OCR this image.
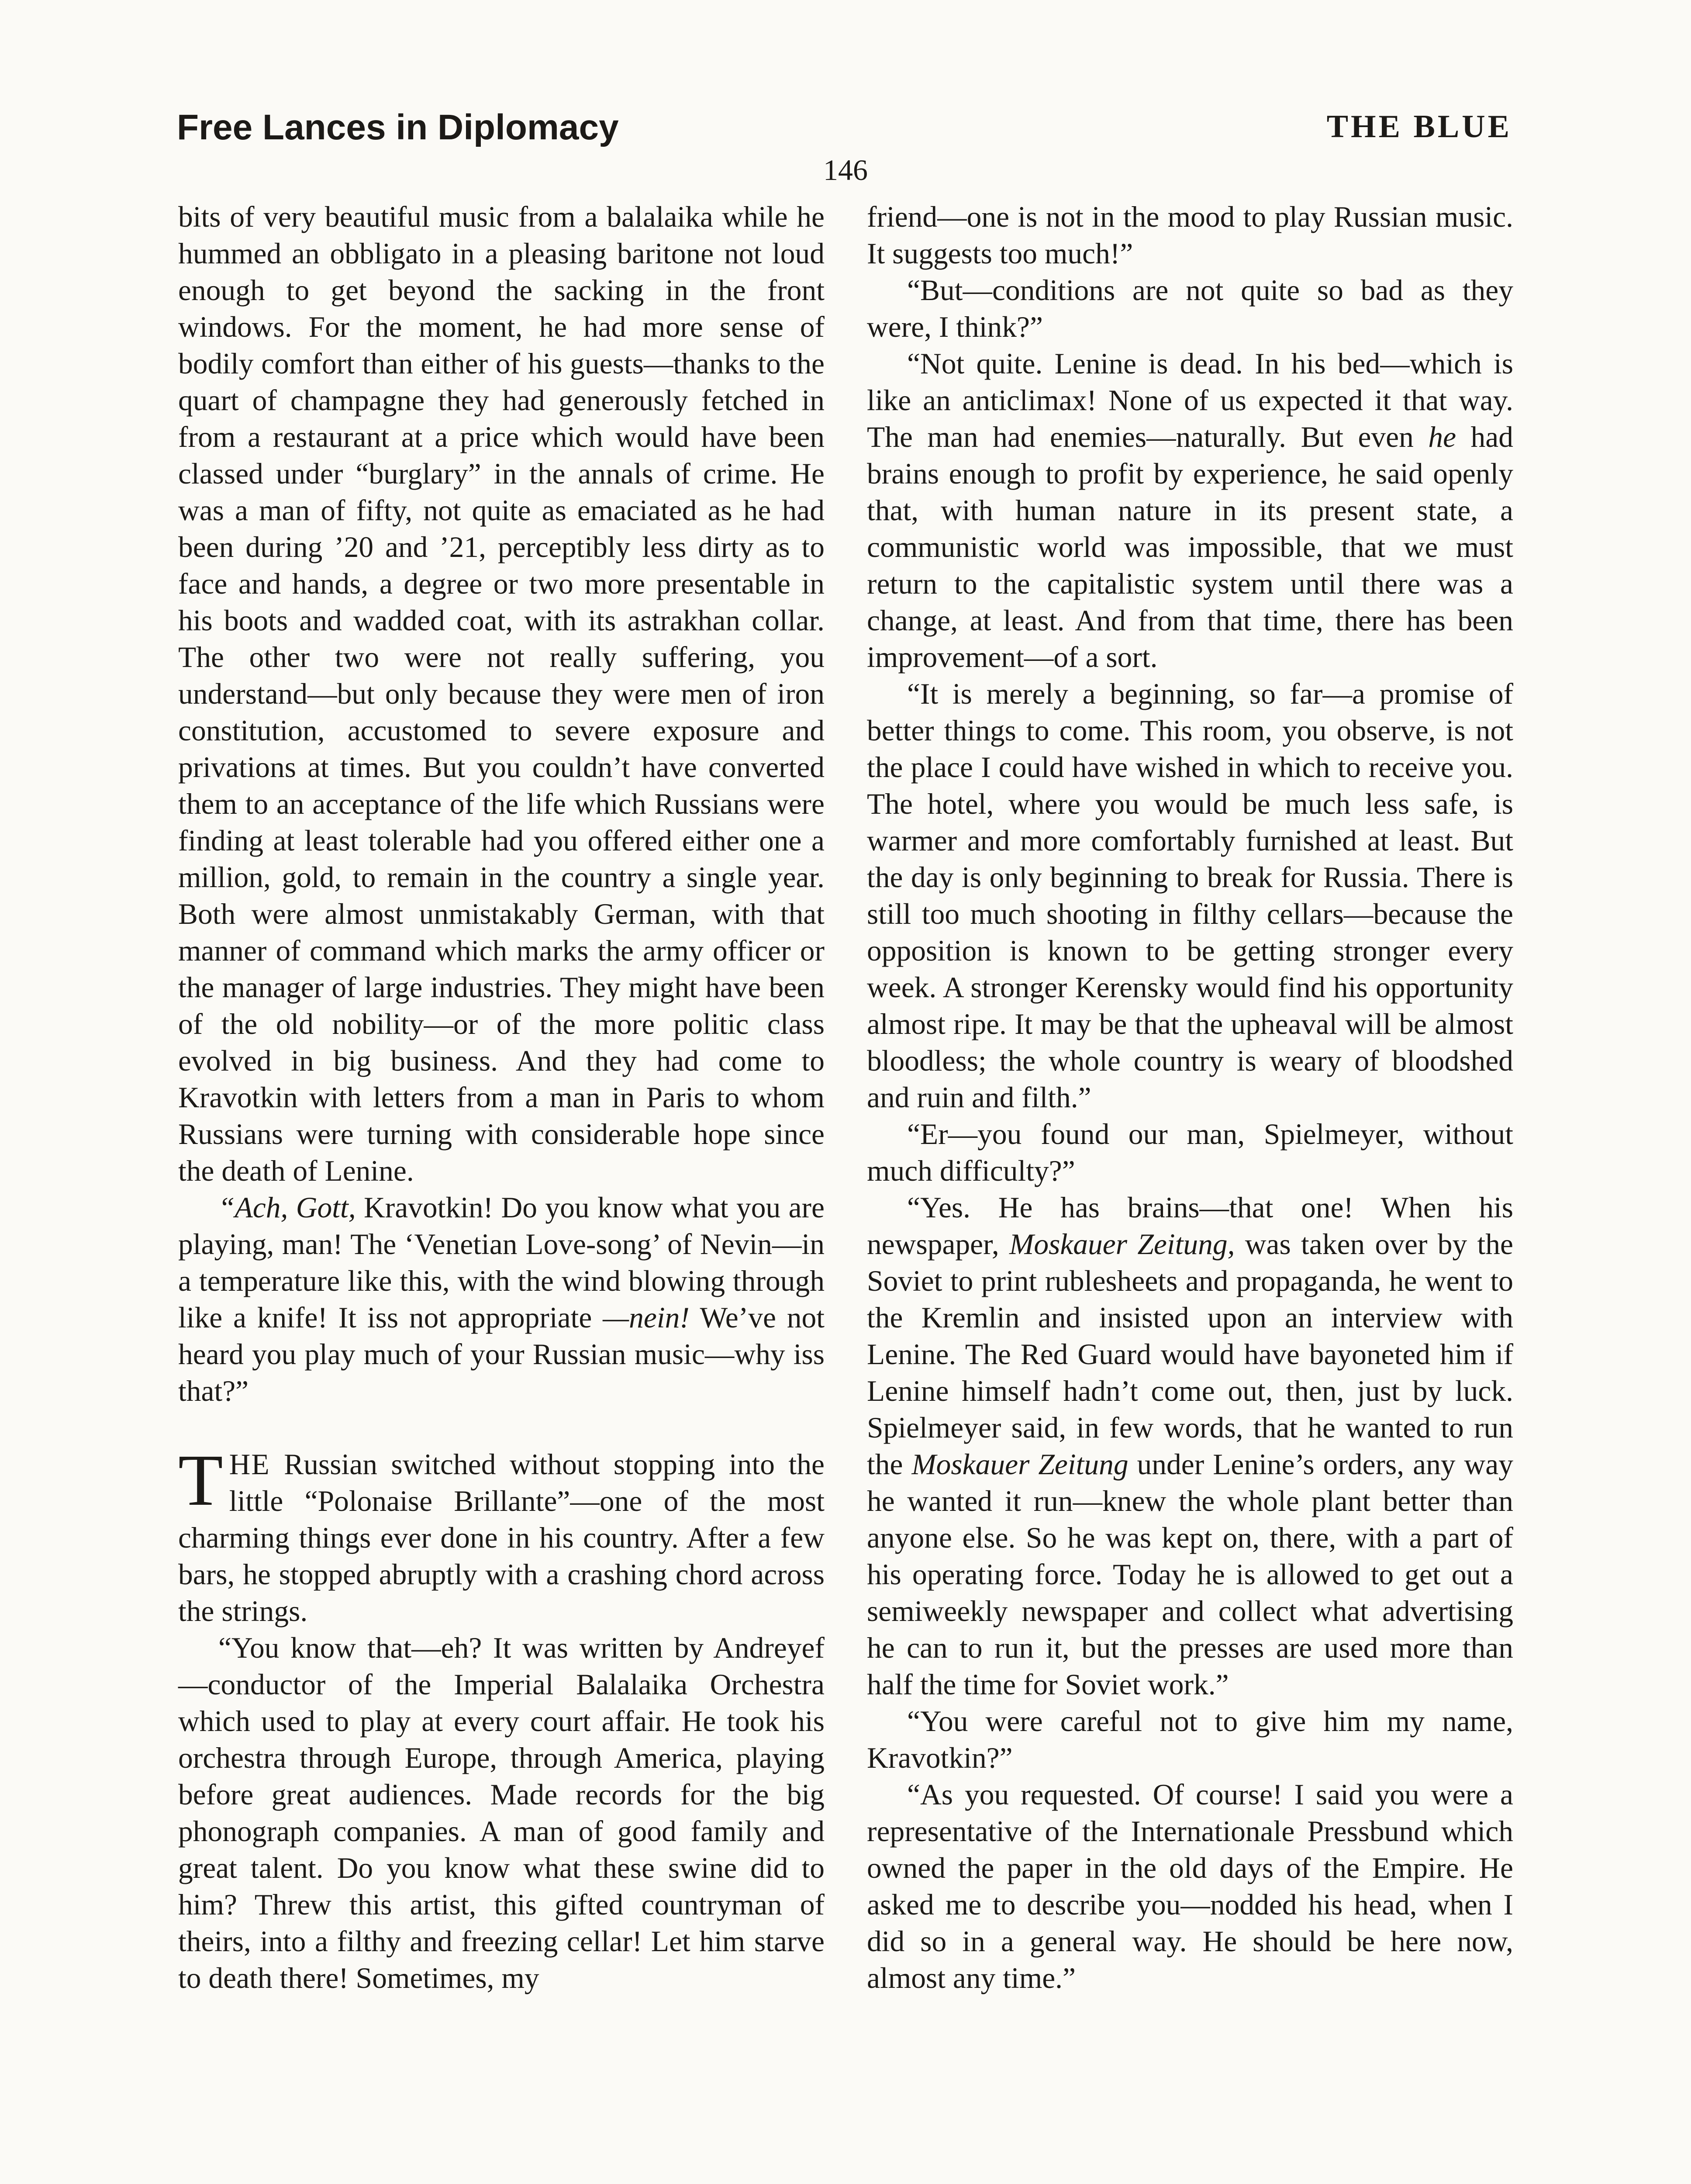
Free Lances in Diplomacy	THE BLUE
146

bits of very beautiful music from a balalaika while he hummed an obbligato in a pleasing baritone not loud enough to get beyond the sacking in the front windows. For the moment, he had more sense of bodily comfort than either of his guests—thanks to the quart of champagne they had generously fetched in from a restaurant at a price which would have been classed under “burglary” in the annals of crime. He was a man of fifty, not quite as emaciated as he had been during ’20 and ’21, perceptibly less dirty as to face and hands, a degree or two more presentable in his boots and wadded coat, with its astrakhan collar. The other two were not really suffering, you understand—but only because they were men of iron constitution, accustomed to severe exposure and privations at times. But you couldn’t have converted them to an acceptance of the life which Russians were finding at least tolerable had you offered either one a million, gold, to remain in the country a single year. Both were almost unmistakably German, with that manner of command which marks the army officer or the manager of large industries. They might have been of the old nobility—or of the more politic class evolved in big business. And they had come to Kravotkin with letters from a man in Paris to whom Russians were turning with considerable hope since the death of Lenine.

“Ach, Gott, Kravotkin! Do you know what you are playing, man! The ‘Venetian Love-song’ of Nevin—in a temperature like this, with the wind blowing through like a knife! It iss not appropriate —nein! We’ve not heard you play much of your Russian music—why iss that?”

THE Russian switched without stopping into the little “Polonaise Brillante”—one of the most charming things ever done in his country. After a few bars, he stopped abruptly with a crashing chord across the strings.

“You know that—eh? It was written by Andreyef—conductor of the Imperial Balalaika Orchestra which used to play at every court affair. He took his orchestra through Europe, through America, playing before great audiences. Made records for the big phonograph companies. A man of good family and great talent. Do you know what these swine did to him? Threw this artist, this gifted countryman of theirs, into a filthy and freezing cellar! Let him starve to death there! Sometimes, my

friend—one is not in the mood to play Russian music. It suggests too much!”

“But—conditions are not quite so bad as they were, I think?”

“Not quite. Lenine is dead. In his bed—which is like an anticlimax! None of us expected it that way. The man had enemies—naturally. But even he had brains enough to profit by experience, he said openly that, with human nature in its present state, a communistic world was impossible, that we must return to the capitalistic system until there was a change, at least. And from that time, there has been improvement—of a sort.

“It is merely a beginning, so far—a promise of better things to come. This room, you observe, is not the place I could have wished in which to receive you. The hotel, where you would be much less safe, is warmer and more comfortably furnished at least. But the day is only beginning to break for Russia. There is still too much shooting in filthy cellars—because the opposition is known to be getting stronger every week. A stronger Kerensky would find his opportunity almost ripe. It may be that the upheaval will be almost bloodless; the whole country is weary of bloodshed and ruin and filth.”

“Er—you found our man, Spielmeyer, without much difficulty?”

“Yes. He has brains—that one! When his newspaper, Moskauer Zeitung, was taken over by the Soviet to print rublesheets and propaganda, he went to the Kremlin and insisted upon an interview with Lenine. The Red Guard would have bayoneted him if Lenine himself hadn’t come out, then, just by luck. Spielmeyer said, in few words, that he wanted to run the Moskauer Zeitung under Lenine’s orders, any way he wanted it run—knew the whole plant better than anyone else. So he was kept on, there, with a part of his operating force. Today he is allowed to get out a semiweekly newspaper and collect what advertising he can to run it, but the presses are used more than half the time for Soviet work.”

“You were careful not to give him my name, Kravotkin?”

“As you requested. Of course! I said you were a representative of the Internationale Pressbund which owned the paper in the old days of the Empire. He asked me to describe you—nodded his head, when I did so in a general way. He should be here now, almost any time.”
